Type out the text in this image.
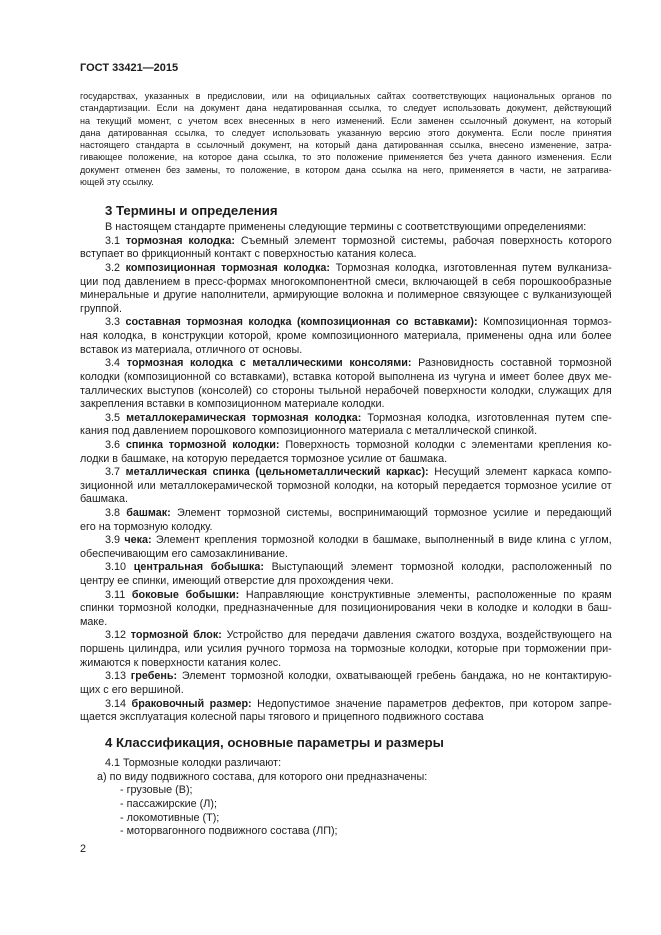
ГОСТ 33421—2015
государствах, указанных в предисловии, или на официальных сайтах соответствующих национальных органов по
стандартизации. Если на документ дана недатированная ссылка, то следует использовать документ, действующий
на текущий момент, с учетом всех внесенных в него изменений. Если заменен ссылочный документ, на который
дана датированная ссылка, то следует использовать указанную версию этого документа. Если после принятия
настоящего стандарта в ссылочный документ, на который дана датированная ссылка, внесено изменение, затра-
гивающее положение, на которое дана ссылка, то это положение применяется без учета данного изменения. Если
документ отменен без замены, то положение, в котором дана ссылка на него, применяется в части, не затрагива-
ющей эту ссылку.
3 Термины и определения
В настоящем стандарте применены следующие термины с соответствующими определениями:
3.1 тормозная колодка: Съемный элемент тормозной системы, рабочая поверхность которого
вступает во фрикционный контакт с поверхностью катания колеса.
3.2 композиционная тормозная колодка: Тормозная колодка, изготовленная путем вулканиза-
ции под давлением в пресс-формах многокомпонентной смеси, включающей в себя порошкообразные
минеральные и другие наполнители, армирующие волокна и полимерное связующее с вулканизующей
группой.
3.3 составная тормозная колодка (композиционная со вставками): Композиционная тормоз-
ная колодка, в конструкции которой, кроме композиционного материала, применены одна или более
вставок из материала, отличного от основы.
3.4 тормозная колодка с металлическими консолями: Разновидность составной тормозной
колодки (композиционной со вставками), вставка которой выполнена из чугуна и имеет более двух ме-
таллических выступов (консолей) со стороны тыльной нерабочей поверхности колодки, служащих для
закрепления вставки в композиционном материале колодки.
3.5 металлокерамическая тормозная колодка: Тормозная колодка, изготовленная путем спе-
кания под давлением порошкового композиционного материала с металлической спинкой.
3.6 спинка тормозной колодки: Поверхность тормозной колодки с элементами крепления ко-
лодки в башмаке, на которую передается тормозное усилие от башмака.
3.7 металлическая спинка (цельнометаллический каркас): Несущий элемент каркаса компо-
зиционной или металлокерамической тормозной колодки, на который передается тормозное усилие от
башмака.
3.8 башмак: Элемент тормозной системы, воспринимающий тормозное усилие и передающий
его на тормозную колодку.
3.9 чека: Элемент крепления тормозной колодки в башмаке, выполненный в виде клина с углом,
обеспечивающим его самозаклинивание.
3.10 центральная бобышка: Выступающий элемент тормозной колодки, расположенный по
центру ее спинки, имеющий отверстие для прохождения чеки.
3.11 боковые бобышки: Направляющие конструктивные элементы, расположенные по краям
спинки тормозной колодки, предназначенные для позиционирования чеки в колодке и колодки в баш-
маке.
3.12 тормозной блок: Устройство для передачи давления сжатого воздуха, воздействующего на
поршень цилиндра, или усилия ручного тормоза на тормозные колодки, которые при торможении при-
жимаются к поверхности катания колес.
3.13 гребень: Элемент тормозной колодки, охватывающей гребень бандажа, но не контактирую-
щих с его вершиной.
3.14 браковочный размер: Недопустимое значение параметров дефектов, при котором запре-
щается эксплуатация колесной пары тягового и прицепного подвижного состава
4 Классификация, основные параметры и размеры
4.1 Тормозные колодки различают:
а) по виду подвижного состава, для которого они предназначены:
- грузовые (В);
- пассажирские (Л);
- локомотивные (Т);
- моторвагонного подвижного состава (ЛП);
2
